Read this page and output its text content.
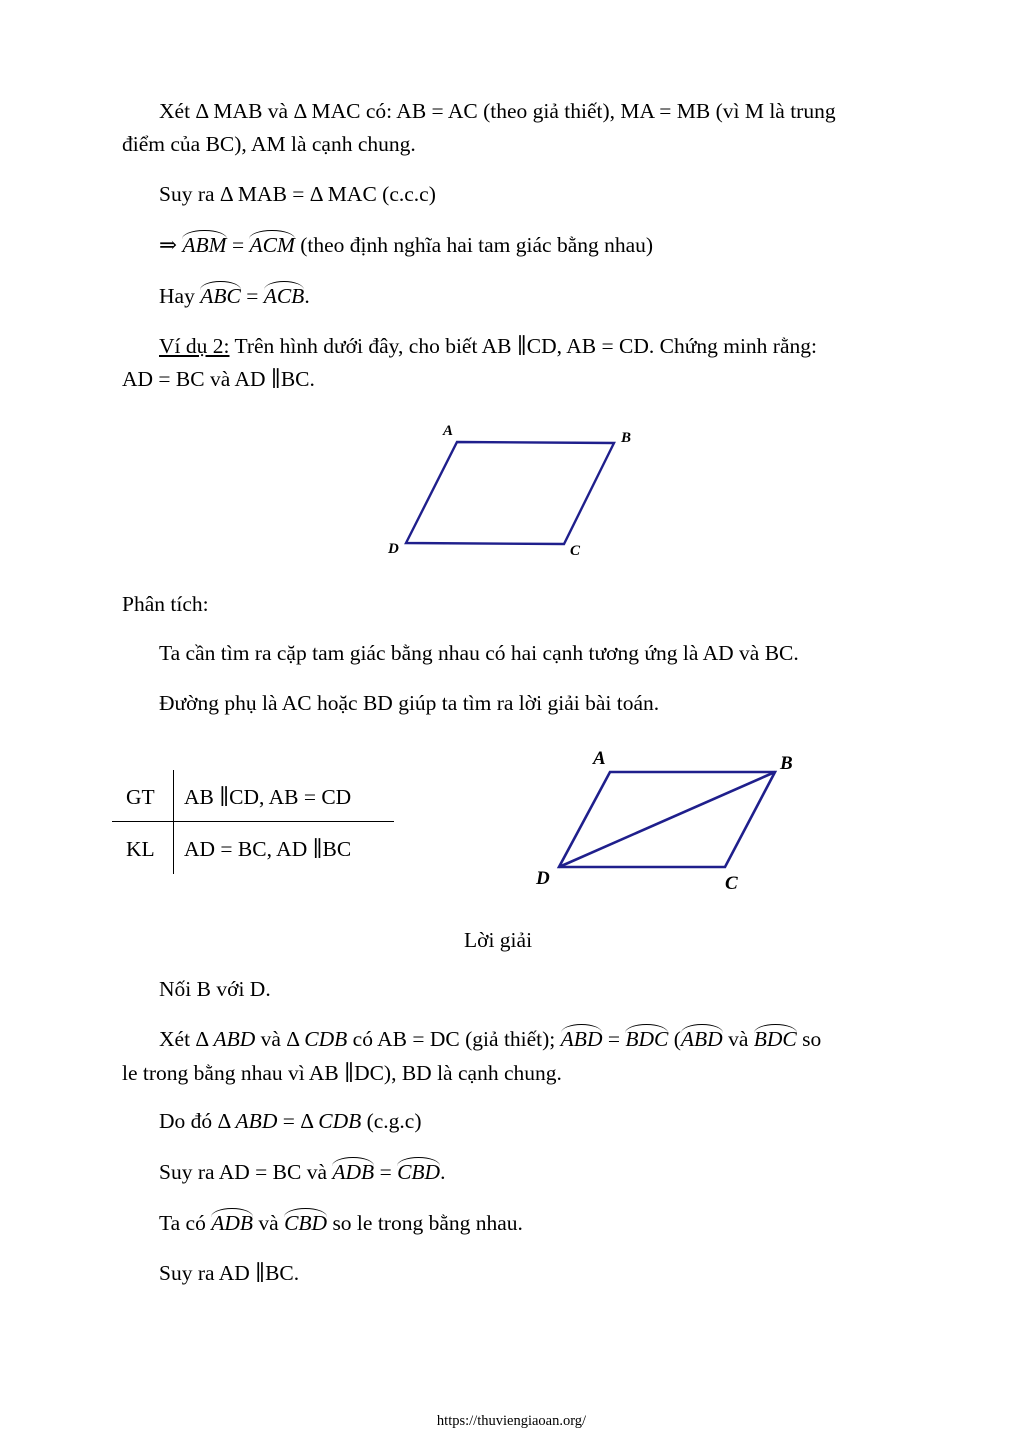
Xét Δ MAB và Δ MAC có: AB = AC (theo giả thiết), MA = MB (vì M là trung
điểm của BC), AM là cạnh chung.
Suy ra Δ MAB = Δ MAC (c.c.c)
⇒ ABM = ACM (theo định nghĩa hai tam giác bằng nhau)
Hay ABC = ACB.
Ví dụ 2: Trên hình dưới đây, cho biết AB ∥CD, AB = CD. Chứng minh rằng:
AD = BC và AD ∥BC.
A	B
C
D
Phân tích:
Ta cần tìm ra cặp tam giác bằng nhau có hai cạnh tương ứng là AD và BC.
Đường phụ là AC hoặc BD giúp ta tìm ra lời giải bài toán.
GT AB ∥CD, AB = CD
KL AD = BC, AD ∥BC
A	B
C
D
Lời giải
Nối B với D.
Xét Δ ABD và Δ CDB có AB = DC (giả thiết); ABD = BDC (ABD và BDC so
le trong bằng nhau vì AB ∥DC), BD là cạnh chung.
Do đó Δ ABD = Δ CDB (c.g.c)
Suy ra AD = BC và ADB = CBD.
Ta có ADB và CBD so le trong bằng nhau.
Suy ra AD ∥BC.
https://thuviengiaoan.org/
